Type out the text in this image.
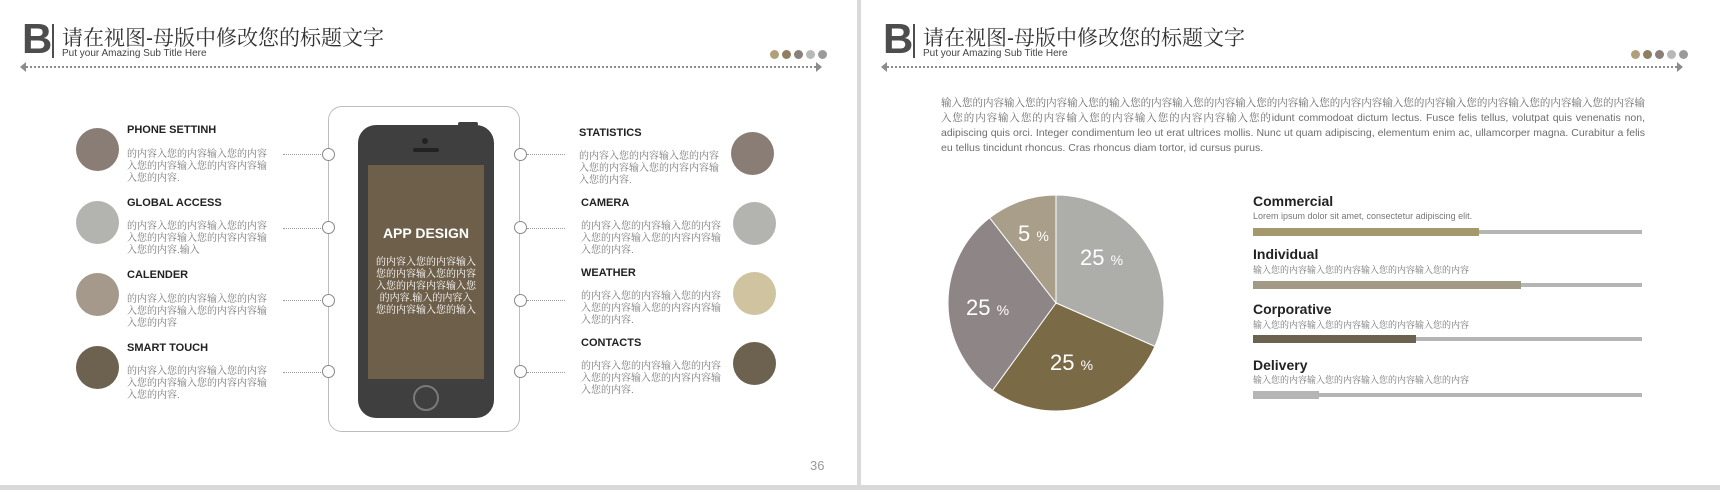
B 请在视图-母版中修改您的标题文字
Put your Amazing Sub Title Here
APP DESIGN
的内容入您的内容输入您的内容输入您的内容入您的内容内容输入您的内容.输入的内容入您的内容输入您的输入
PHONE SETTINH
的内容入您的内容输入您的内容入您的内容输入您的内容内容输入您的内容.
GLOBAL ACCESS
的内容入您的内容输入您的内容入您的内容输入您的内容内容输入您的内容.输入
CALENDER
的内容入您的内容输入您的内容入您的内容输入您的内容内容输入您的内容
SMART TOUCH
的内容入您的内容输入您的内容入您的内容输入您的内容内容输入您的内容.
STATISTICS
的内容入您的内容输入您的内容入您的内容输入您的内容内容输入您的内容.
CAMERA
的内容入您的内容输入您的内容入您的内容输入您的内容内容输入您的内容.
WEATHER
的内容入您的内容输入您的内容入您的内容输入您的内容内容输入您的内容.
CONTACTS
的内容入您的内容输入您的内容入您的内容输入您的内容内容输入您的内容.
36
B 请在视图-母版中修改您的标题文字
Put your Amazing Sub Title Here
输入您的内容输入您的内容输入您的输入您的内容输入您的内容输入您的内容输入您的内容内容输入您的内容输入您的内容输入您的内容输入您的内容输入您的内容输入您的内容输入您的内容输入您的内容内容输入您的idunt commodoat dictum lectus. Fusce felis tellus, volutpat quis venenatis non, adipiscing quis orci. Integer condimentum leo ut erat ultrices mollis. Nunc ut quam adipiscing, elementum enim ac, ullamcorper magna. Curabitur a felis eu tellus tincidunt rhoncus. Cras rhoncus diam tortor, id cursus purus.
25 %
25 %
25 %
5 %
Commercial
Lorem ipsum dolor sit amet, consectetur adipiscing elit.
Individual
输入您的内容输入您的内容输入您的内容输入您的内容
Corporative
输入您的内容输入您的内容输入您的内容输入您的内容
Delivery
输入您的内容输入您的内容输入您的内容输入您的内容
